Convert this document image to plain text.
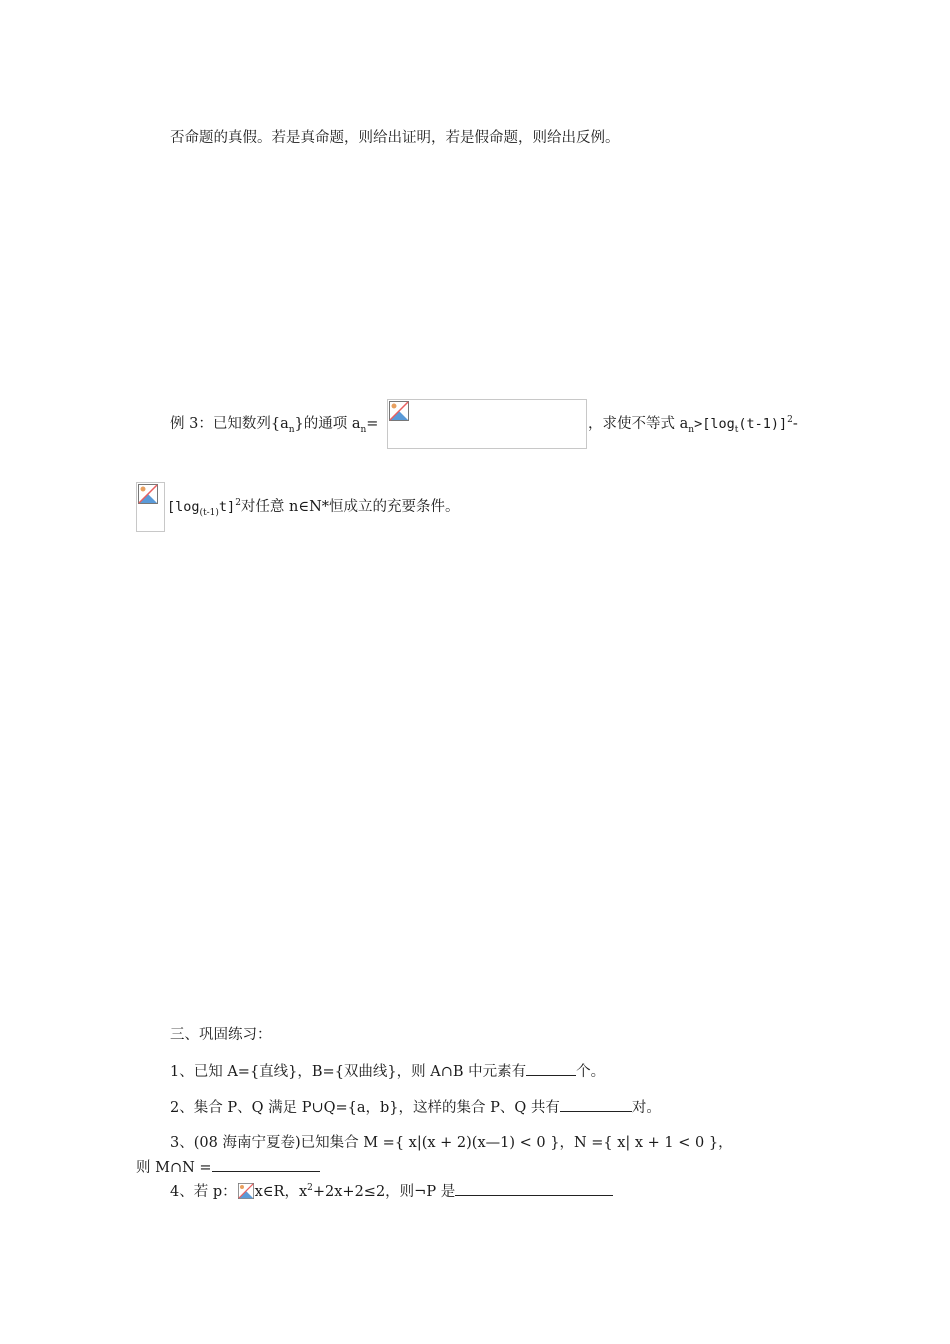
否命题的真假。若是真命题，则给出证明，若是假命题，则给出反例。
例 3：已知数列$\{a_n\}$的通项 $a_n=$	，求使不等式 $a_n>[\log_t(t-1)]^2-$
$[\log_{(t-1)}t]^2$对任意 n∈N*恒成立的充要条件。
三、巩固练习：
1、已知 A={直线}，B={双曲线}，则 A∩B 中元素有	个。
2、集合 P、Q 满足 P∪Q={a，b}，这样的集合 P、Q 共有	对。
3、(08 海南宁夏卷)已知集合 M ={ x|(x + 2)(x—1) < 0 }，N ={ x| x + 1 < 0 }，
则 M∩N =
4、若 p： x∈R，$x^2+2x+2\le 2$，则¬P 是
